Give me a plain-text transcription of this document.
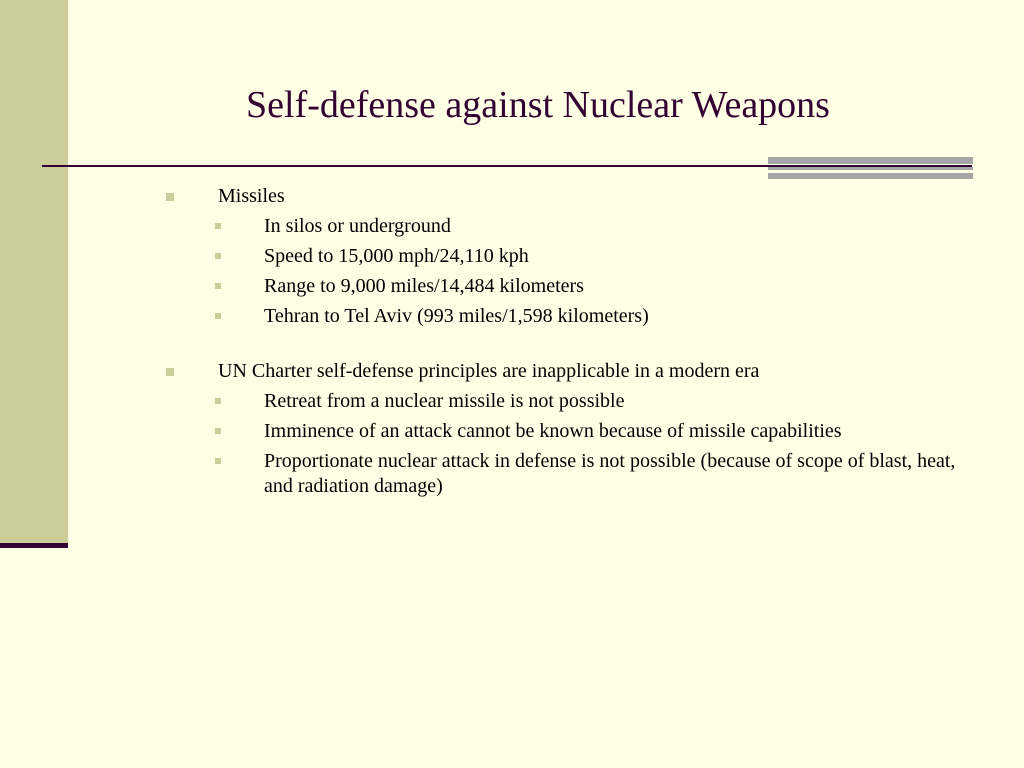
Self-defense against Nuclear Weapons
Missiles
In silos or underground
Speed to 15,000 mph/24,110 kph
Range to 9,000 miles/14,484 kilometers
Tehran to Tel Aviv (993 miles/1,598 kilometers)
UN Charter self-defense principles are inapplicable in a modern era
Retreat from a nuclear missile is not possible
Imminence of an attack cannot be known because of missile capabilities
Proportionate nuclear attack in defense is not possible (because of scope of blast, heat, and radiation damage)
